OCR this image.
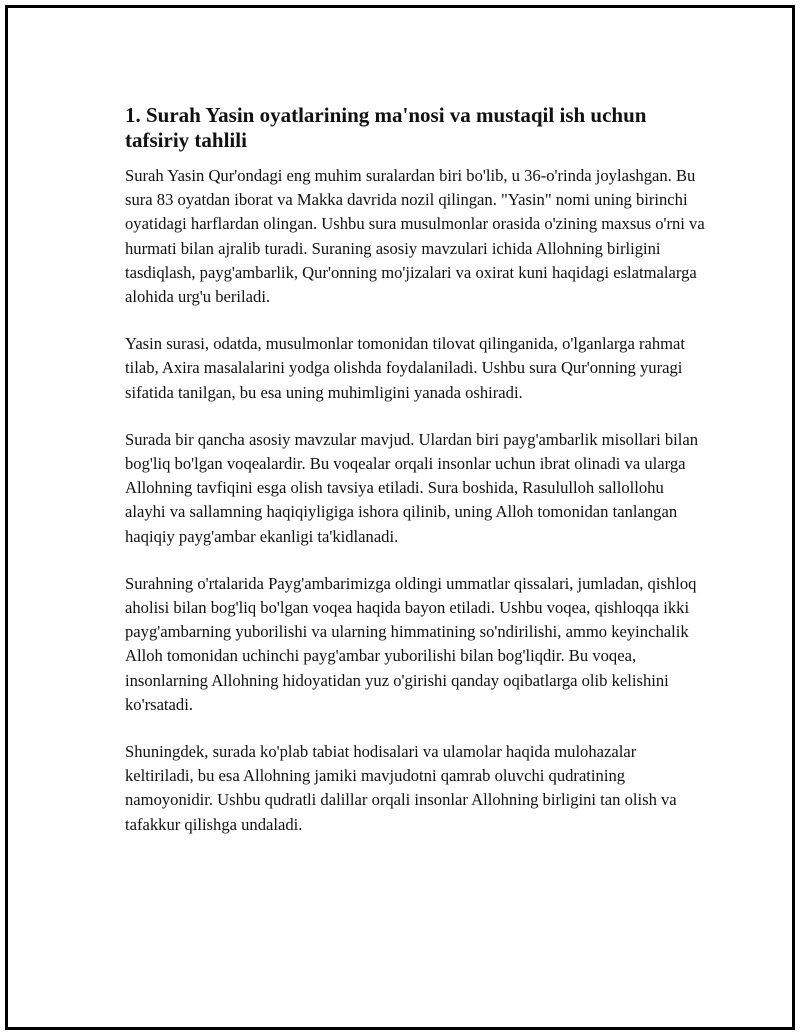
1. Surah Yasin oyatlarining ma'nosi va mustaqil ish uchun tafsiriy tahlili

Surah Yasin Qur'ondagi eng muhim suralardan biri bo'lib, u 36-o'rinda joylashgan. Bu sura 83 oyatdan iborat va Makka davrida nozil qilingan. "Yasin" nomi uning birinchi oyatidagi harflardan olingan. Ushbu sura musulmonlar orasida o'zining maxsus o'rni va hurmati bilan ajralib turadi. Suraning asosiy mavzulari ichida Allohning birligini tasdiqlash, payg'ambarlik, Qur'onning mo'jizalari va oxirat kuni haqidagi eslatmalarga alohida urg'u beriladi.

Yasin surasi, odatda, musulmonlar tomonidan tilovat qilinganida, o'lganlarga rahmat tilab, Axira masalalarini yodga olishda foydalaniladi. Ushbu sura Qur'onning yuragi sifatida tanilgan, bu esa uning muhimligini yanada oshiradi.

Surada bir qancha asosiy mavzular mavjud. Ulardan biri payg'ambarlik misollari bilan bog'liq bo'lgan voqealardir. Bu voqealar orqali insonlar uchun ibrat olinadi va ularga Allohning tavfiqini esga olish tavsiya etiladi. Sura boshida, Rasululloh sallollohu alayhi va sallamning haqiqiyligiga ishora qilinib, uning Alloh tomonidan tanlangan haqiqiy payg'ambar ekanligi ta'kidlanadi.

Surahning o'rtalarida Payg'ambarimizga oldingi ummatlar qissalari, jumladan, qishloq aholisi bilan bog'liq bo'lgan voqea haqida bayon etiladi. Ushbu voqea, qishloqqa ikki payg'ambarning yuborilishi va ularning himmatining so'ndirilishi, ammo keyinchalik Alloh tomonidan uchinchi payg'ambar yuborilishi bilan bog'liqdir. Bu voqea, insonlarning Allohning hidoyatidan yuz o'girishi qanday oqibatlarga olib kelishini ko'rsatadi.

Shuningdek, surada ko'plab tabiat hodisalari va ulamolar haqida mulohazalar keltiriladi, bu esa Allohning jamiki mavjudotni qamrab oluvchi qudratining namoyonidir. Ushbu qudratli dalillar orqali insonlar Allohning birligini tan olish va tafakkur qilishga undaladi.
